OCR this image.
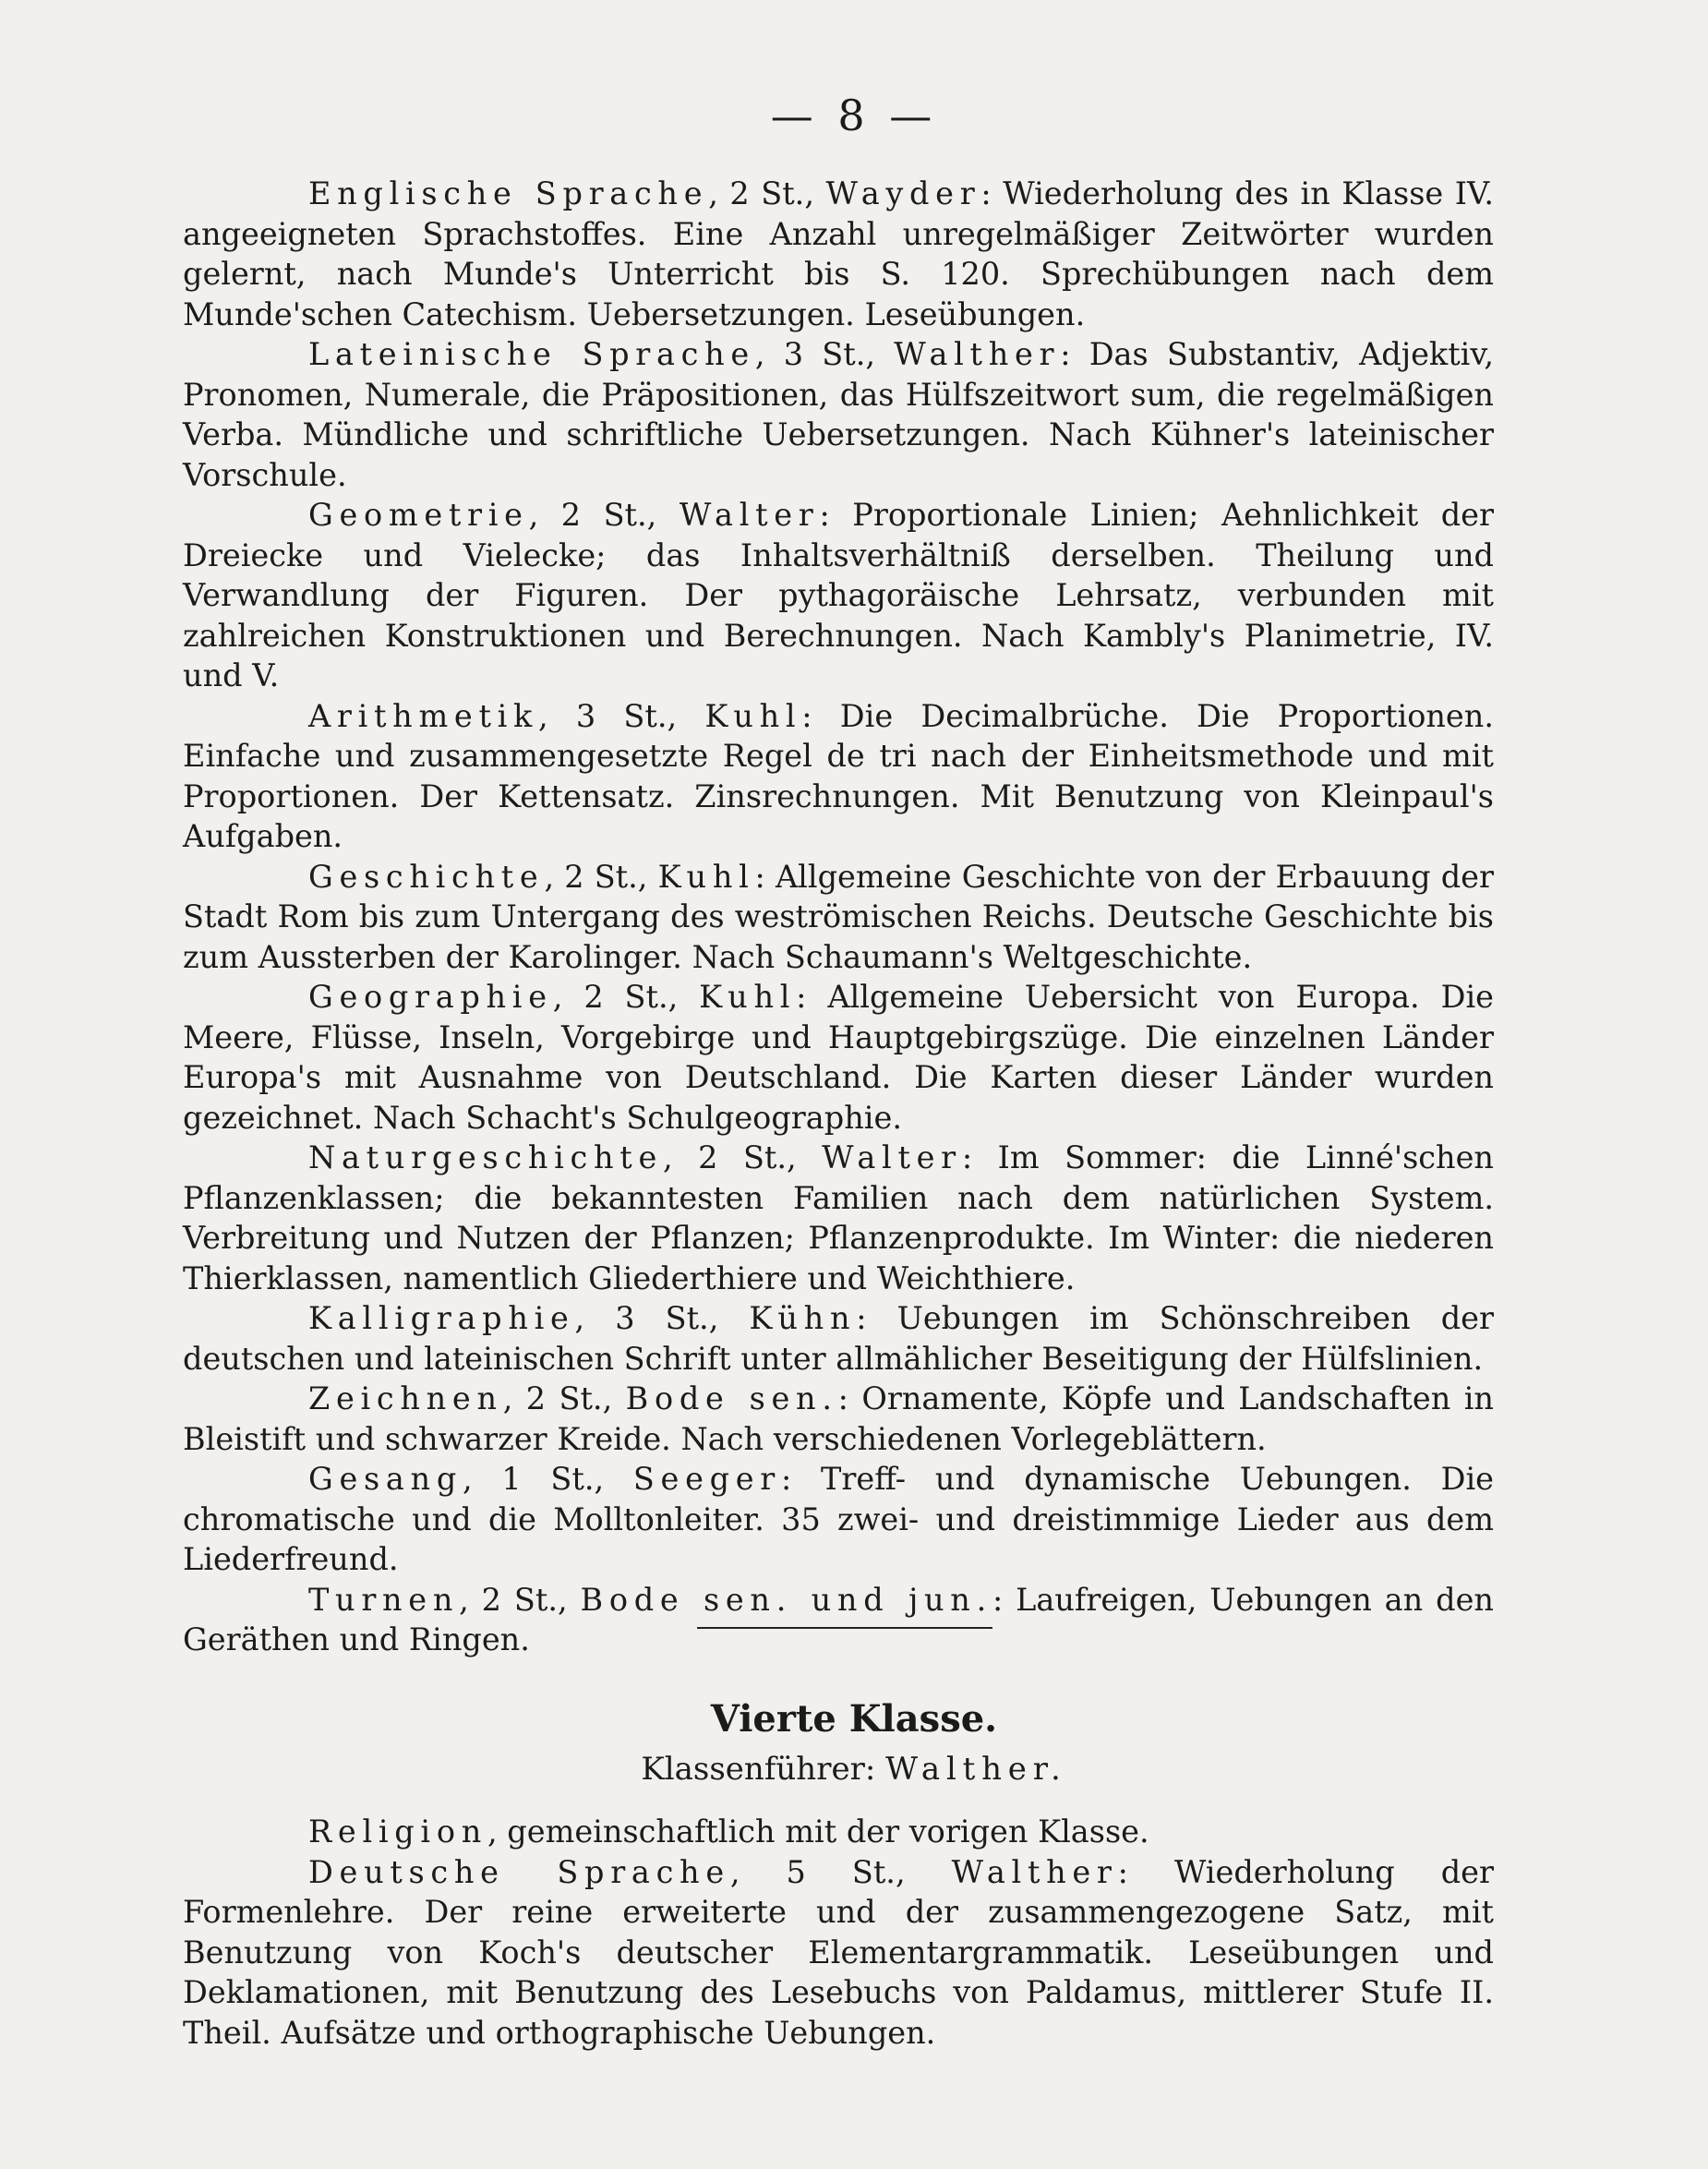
— 8 —

Englische Sprache, 2 St., Wayder: Wiederholung des in Klasse IV. angeeigneten Sprachstoffes. Eine Anzahl unregelmäßiger Zeitwörter wurden gelernt, nach Munde's Unterricht bis S. 120. Sprechübungen nach dem Munde'schen Catechism. Uebersetzungen. Leseübungen.

Lateinische Sprache, 3 St., Walther: Das Substantiv, Adjektiv, Pronomen, Numerale, die Präpositionen, das Hülfszeitwort sum, die regelmäßigen Verba. Mündliche und schriftliche Uebersetzungen. Nach Kühner's lateinischer Vorschule.

Geometrie, 2 St., Walter: Proportionale Linien; Aehnlichkeit der Dreiecke und Vielecke; das Inhaltsverhältniß derselben. Theilung und Verwandlung der Figuren. Der pythagoräische Lehrsatz, verbunden mit zahlreichen Konstruktionen und Berechnungen. Nach Kambly's Planimetrie, IV. und V.

Arithmetik, 3 St., Kuhl: Die Decimalbrüche. Die Proportionen. Einfache und zusammengesetzte Regel de tri nach der Einheitsmethode und mit Proportionen. Der Kettensatz. Zinsrechnungen. Mit Benutzung von Kleinpaul's Aufgaben.

Geschichte, 2 St., Kuhl: Allgemeine Geschichte von der Erbauung der Stadt Rom bis zum Untergang des weströmischen Reichs. Deutsche Geschichte bis zum Aussterben der Karolinger. Nach Schaumann's Weltgeschichte.

Geographie, 2 St., Kuhl: Allgemeine Uebersicht von Europa. Die Meere, Flüsse, Inseln, Vorgebirge und Hauptgebirgszüge. Die einzelnen Länder Europa's mit Ausnahme von Deutschland. Die Karten dieser Länder wurden gezeichnet. Nach Schacht's Schulgeographie.

Naturgeschichte, 2 St., Walter: Im Sommer: die Linné'schen Pflanzenklassen; die bekanntesten Familien nach dem natürlichen System. Verbreitung und Nutzen der Pflanzen; Pflanzenprodukte. Im Winter: die niederen Thierklassen, namentlich Gliederthiere und Weichthiere.

Kalligraphie, 3 St., Kühn: Uebungen im Schönschreiben der deutschen und lateinischen Schrift unter allmählicher Beseitigung der Hülfslinien.

Zeichnen, 2 St., Bode sen.: Ornamente, Köpfe und Landschaften in Bleistift und schwarzer Kreide. Nach verschiedenen Vorlegeblättern.

Gesang, 1 St., Seeger: Treff- und dynamische Uebungen. Die chromatische und die Molltonleiter. 35 zwei- und dreistimmige Lieder aus dem Liederfreund.

Turnen, 2 St., Bode sen. und jun.: Laufreigen, Uebungen an den Geräthen und Ringen.

Vierte Klasse.
Klassenführer: Walther.

Religion, gemeinschaftlich mit der vorigen Klasse.

Deutsche Sprache, 5 St., Walther: Wiederholung der Formenlehre. Der reine erweiterte und der zusammengezogene Satz, mit Benutzung von Koch's deutscher Elementargrammatik. Leseübungen und Deklamationen, mit Benutzung des Lesebuchs von Paldamus, mittlerer Stufe II. Theil. Aufsätze und orthographische Uebungen.
